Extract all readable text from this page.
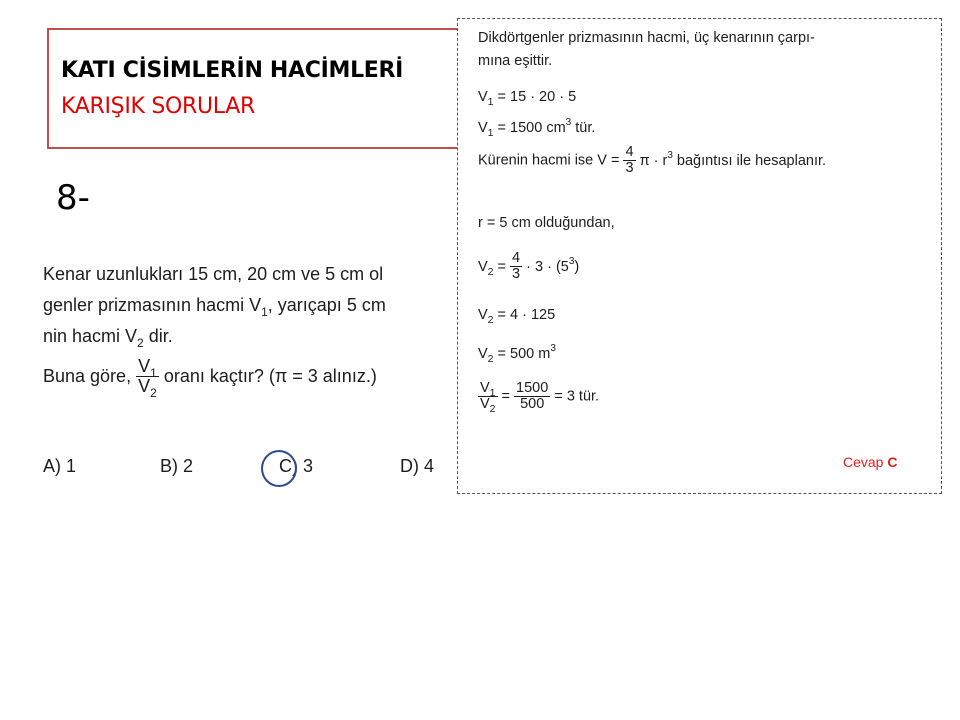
KATI CİSİMLERİN HACİMLERİ
KARIŞIK SORULAR
8-
Kenar uzunlukları 15 cm, 20 cm ve 5 cm ol
genler prizmasının hacmi $V_1$, yarıçapı 5 cm
nin hacmi $V_2$ dir.
Buna göre, $\frac{V_1}{V_2}$ oranı kaçtır? (π = 3 alınız.)
A) 1	B) 2	C) 3	D) 4
Dikdörtgenler prizmasının hacmi, üç kenarının çarpı-
mına eşittir.
$V_1 = 15 \cdot 20 \cdot 5$
$V_1 = 1500$ $cm^3$ tür.
Kürenin hacmi ise $V = \frac{4}{3}$ $\pi \cdot r^3$ bağıntısı ile hesaplanır.
r = 5 cm olduğundan,
$V_2 = \frac{4}{3} \cdot 3 \cdot (5^3)$
$V_2 = 4 \cdot 125$
$V_2 = 500$ $m^3$
$\frac{V_1}{V_2} = \frac{1500}{500} = 3$ tür.
Cevap C
